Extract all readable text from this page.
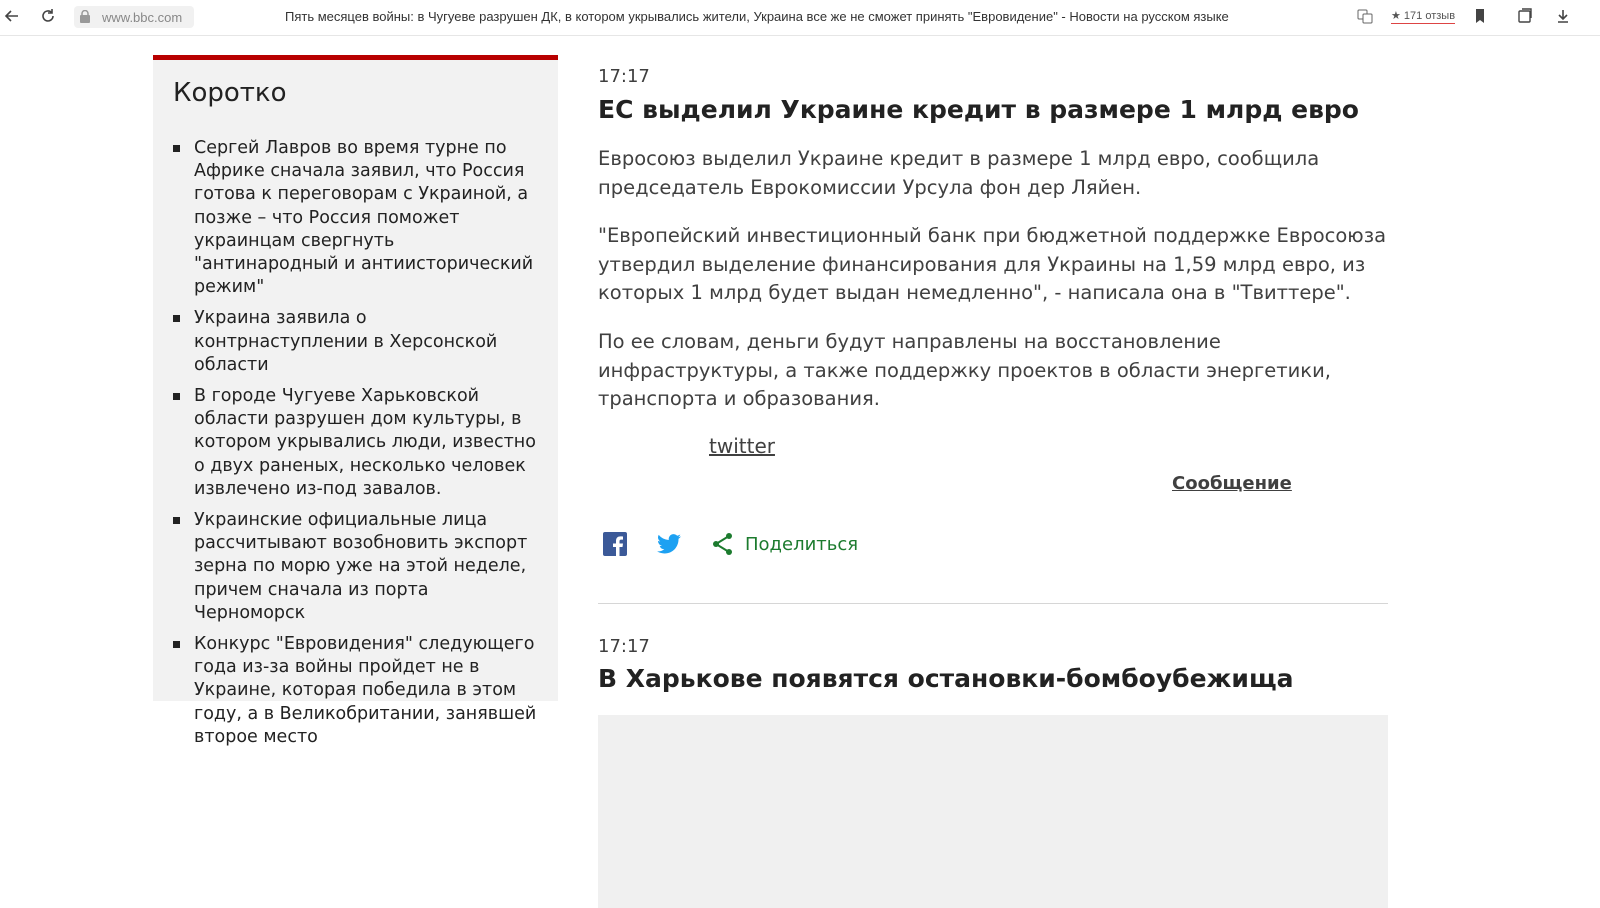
www.bbc.com	Пять месяцев войны: в Чугуеве разрушен ДК, в котором укрывались жители, Украина все же не сможет принять "Евровидение" - Новости на русском языке	★ 171 отзыв
Коротко
Сергей Лавров во время турне по Африке сначала заявил, что Россия готова к переговорам с Украиной, а позже – что Россия поможет украинцам свергнуть "антинародный и антиисторический режим"
Украина заявила о контрнаступлении в Херсонской области
В городе Чугуеве Харьковской области разрушен дом культуры, в котором укрывались люди, известно о двух раненых, несколько человек извлечено из-под завалов.
Украинские официальные лица рассчитывают возобновить экспорт зерна по морю уже на этой неделе, причем сначала из порта Черноморск
Конкурс "Евровидения" следующего года из-за войны пройдет не в Украине, которая победила в этом году, а в Великобритании, занявшей второе место
17:17
ЕС выделил Украине кредит в размере 1 млрд евро

Евросоюз выделил Украине кредит в размере 1 млрд евро, сообщила председатель Еврокомиссии Урсула фон дер Ляйен.

"Европейский инвестиционный банк при бюджетной поддержке Евросоюза утвердил выделение финансирования для Украины на 1,59 млрд евро, из которых 1 млрд будет выдан немедленно", - написала она в "Твиттере".

По ее словам, деньги будут направлены на восстановление инфраструктуры, а также поддержку проектов в области энергетики, транспорта и образования.

twitter
Сообщение
Поделиться
17:17
В Харькове появятся остановки-бомбоубежища
